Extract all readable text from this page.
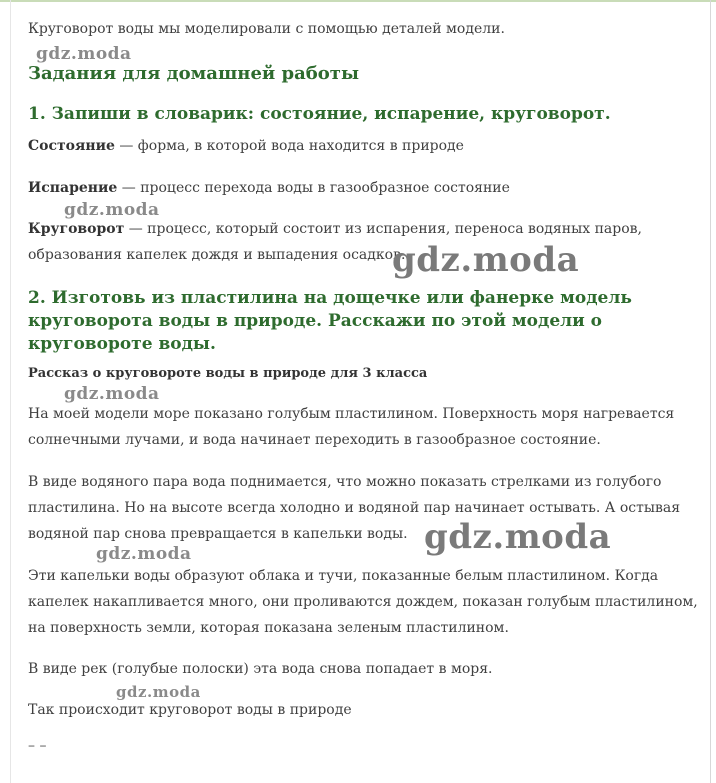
Круговорот воды мы моделировали с помощью деталей модели.
Задания для домашней работы
1. Запиши в словарик: состояние, испарение, круговорот.
Состояние — форма, в которой вода находится в природе
Испарение — процесс перехода воды в газообразное состояние
Круговорот — процесс, который состоит из испарения, переноса водяных паров,
образования капелек дождя и выпадения осадков.
2. Изготовь из пластилина на дощечке или фанерке модель
круговорота воды в природе. Расскажи по этой модели о
круговороте воды.
Рассказ о круговороте воды в природе для 3 класса
На моей модели море показано голубым пластилином. Поверхность моря нагревается
солнечными лучами, и вода начинает переходить в газообразное состояние.
В виде водяного пара вода поднимается, что можно показать стрелками из голубого
пластилина. Но на высоте всегда холодно и водяной пар начинает остывать. А остывая
водяной пар снова превращается в капельки воды.
Эти капельки воды образуют облака и тучи, показанные белым пластилином. Когда
капелек накапливается много, они проливаются дождем, показан голубым пластилином,
на поверхность земли, которая показана зеленым пластилином.
В виде рек (голубые полоски) эта вода снова попадает в моря.
Так происходит круговорот воды в природе
– –
gdz.moda
gdz.moda
gdz.moda
gdz.moda
gdz.moda
gdz.moda
gdz.moda
